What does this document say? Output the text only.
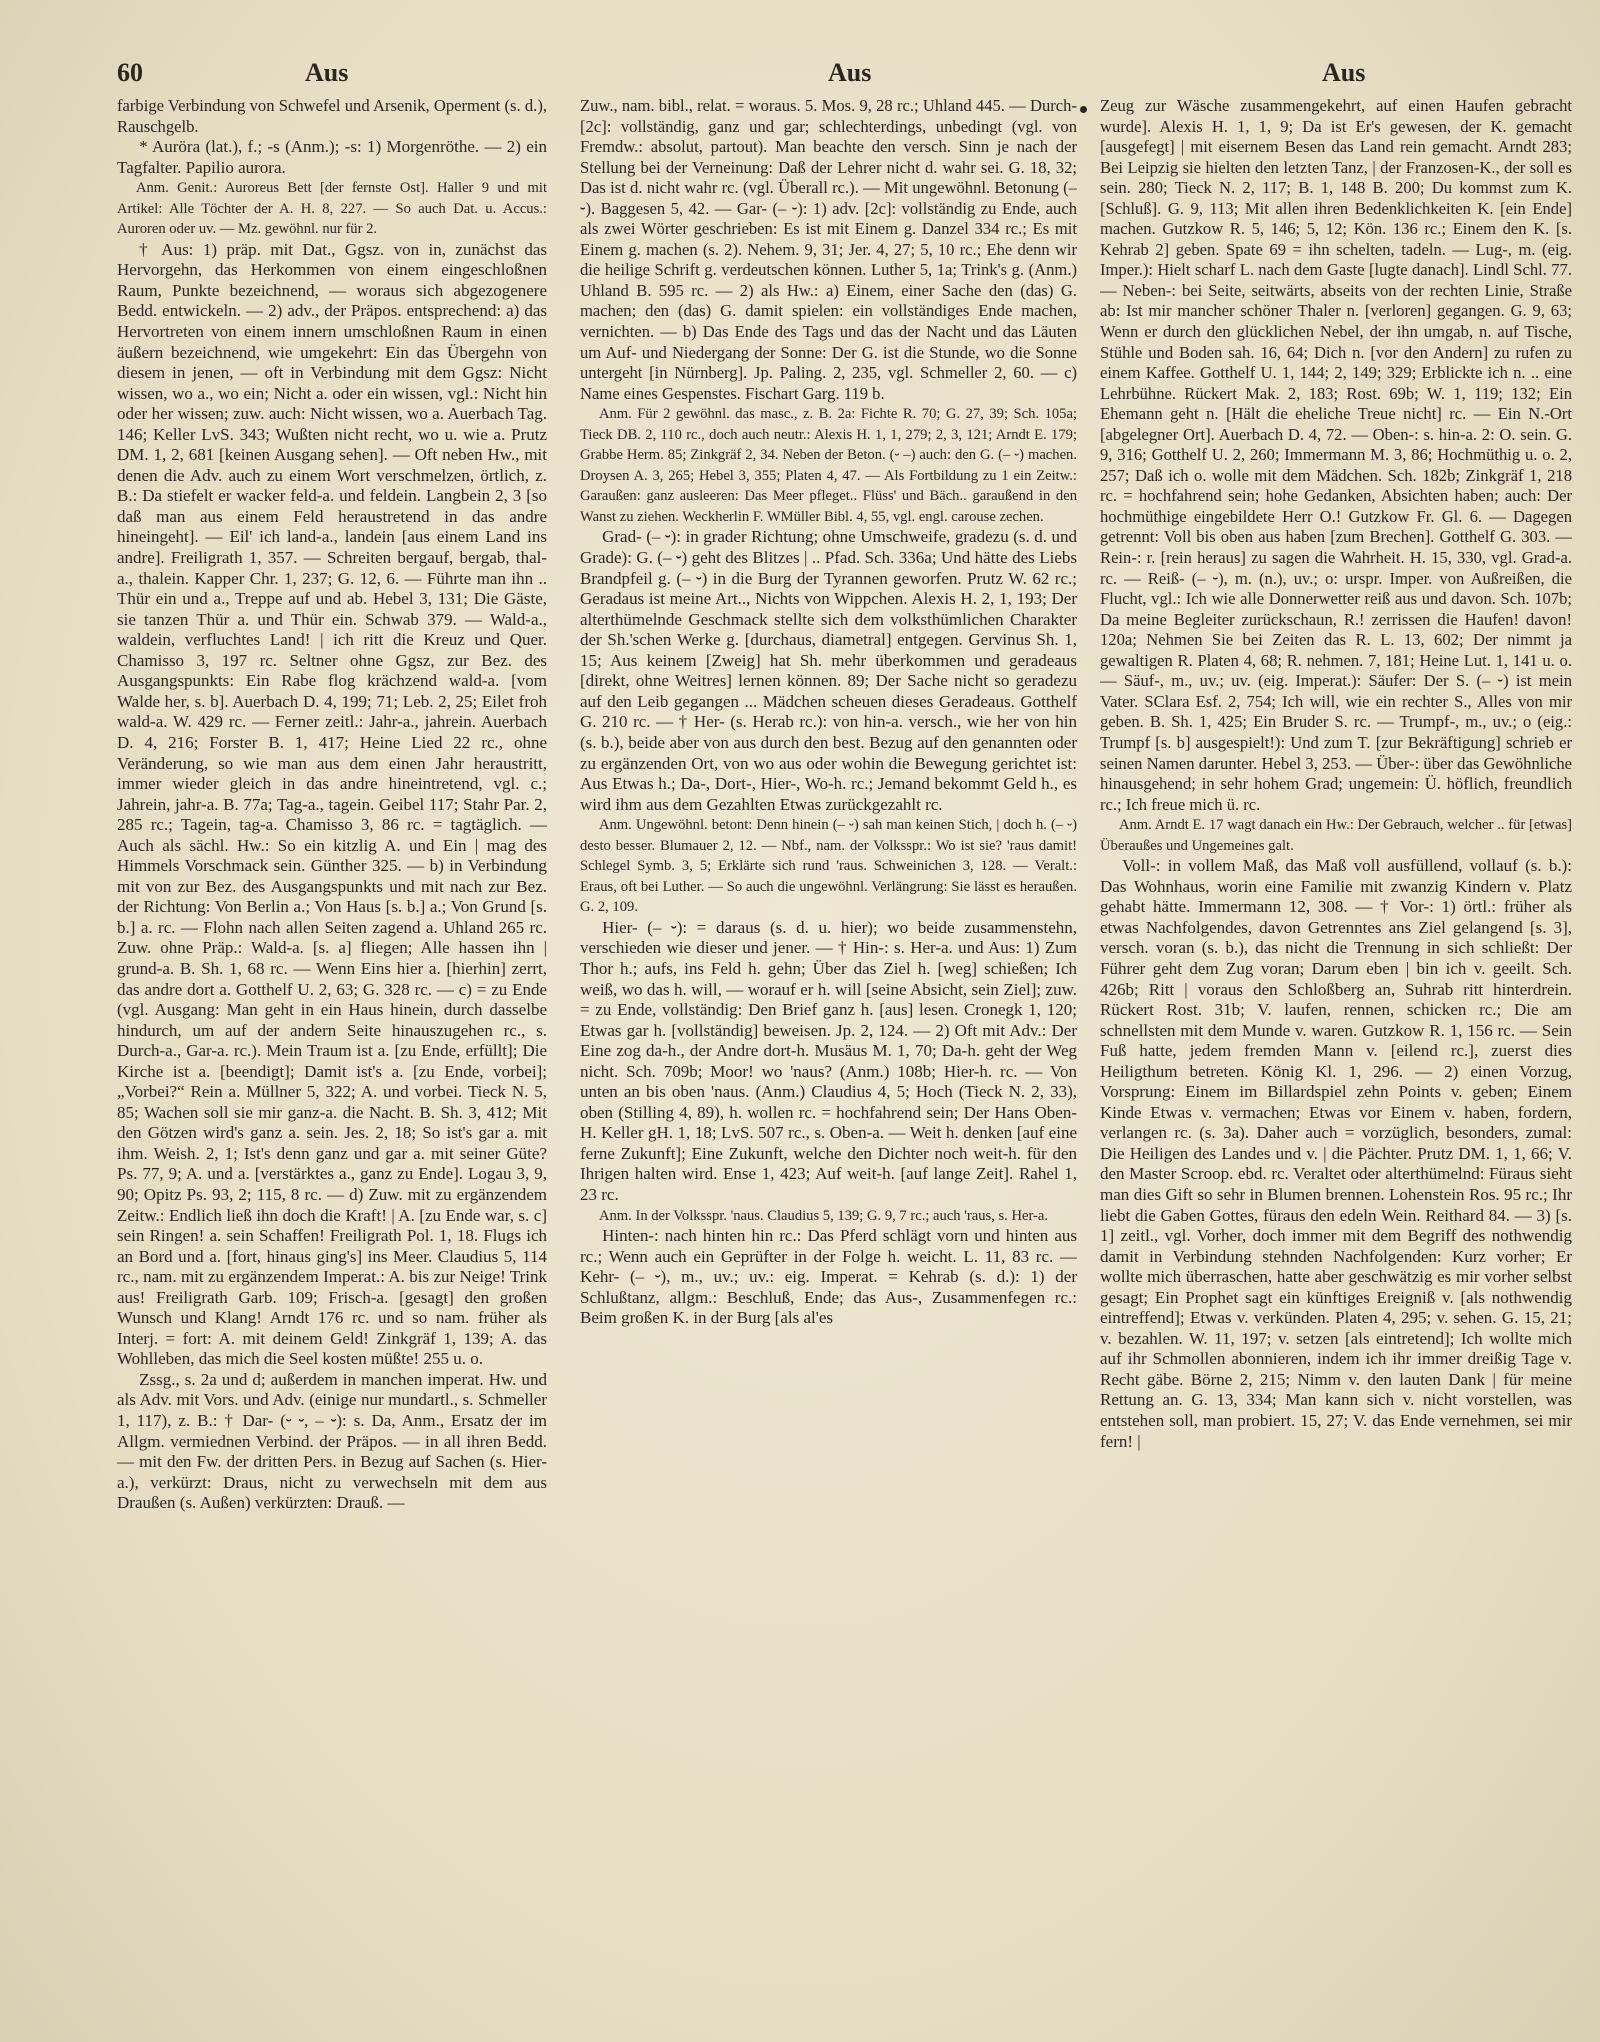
60	Aus	Aus	Aus

farbige Verbindung von Schwefel und Arsenik, Operment (s. d.), Rauschgelb.

* Auröra (lat.), f.; -s (Anm.); -s: 1) Morgenröthe. — 2) ein Tagfalter. Papilio aurora.

Anm. Genit.: Auroreus Bett [der fernste Ost]. Haller 9 und mit Artikel: Alle Töchter der A. H. 8, 227. — So auch Dat. u. Accus.: Auroren oder uv. — Mz. gewöhnl. nur für 2.

† Aus: 1) präp. mit Dat., Ggsz. von in, zunächst das Hervorgehn, das Herkommen von einem eingeschloßnen Raum, Punkte bezeichnend, — woraus sich abgezogenere Bedd. entwickeln. — 2) adv., der Präpos. entsprechend: a) das Hervortreten von einem innern umschloßnen Raum in einen äußern bezeichnend, wie umgekehrt: Ein das Übergehn von diesem in jenen, — oft in Verbindung mit dem Ggsz: Nicht wissen, wo a., wo ein; Nicht a. oder ein wissen, vgl.: Nicht hin oder her wissen; zuw. auch: Nicht wissen, wo a. Auerbach Tag. 146; Keller LvS. 343; Wußten nicht recht, wo u. wie a. Prutz DM. 1, 2, 681 [keinen Ausgang sehen]. — Oft neben Hw., mit denen die Adv. auch zu einem Wort verschmelzen, örtlich, z. B.: Da stiefelt er wacker feld-a. und feldein. Langbein 2, 3 [so daß man aus einem Feld heraustretend in das andre hineingeht]. — Eil' ich land-a., landein [aus einem Land ins andre]. Freiligrath 1, 357. — Schreiten bergauf, bergab, thal-a., thalein. Kapper Chr. 1, 237; G. 12, 6. — Führte man ihn .. Thür ein und a., Treppe auf und ab. Hebel 3, 131; Die Gäste, sie tanzen Thür a. und Thür ein. Schwab 379. — Wald-a., waldein, verfluchtes Land! | ich ritt die Kreuz und Quer. Chamisso 3, 197 rc. Seltner ohne Ggsz, zur Bez. des Ausgangspunkts: Ein Rabe flog krächzend wald-a. [vom Walde her, s. b]. Auerbach D. 4, 199; 71; Leb. 2, 25; Eilet froh wald-a. W. 429 rc. — Ferner zeitl.: Jahr-a., jahrein. Auerbach D. 4, 216; Forster B. 1, 417; Heine Lied 22 rc., ohne Veränderung, so wie man aus dem einen Jahr heraustritt, immer wieder gleich in das andre hineintretend, vgl. c.; Jahrein, jahr-a. B. 77a; Tag-a., tagein. Geibel 117; Stahr Par. 2, 285 rc.; Tagein, tag-a. Chamisso 3, 86 rc. = tagtäglich. — Auch als sächl. Hw.: So ein kitzlig A. und Ein | mag des Himmels Vorschmack sein. Günther 325. — b) in Verbindung mit von zur Bez. des Ausgangspunkts und mit nach zur Bez. der Richtung: Von Berlin a.; Von Haus [s. b.] a.; Von Grund [s. b.] a. rc. — Flohn nach allen Seiten zagend a. Uhland 265 rc. Zuw. ohne Präp.: Wald-a. [s. a] fliegen; Alle hassen ihn | grund-a. B. Sh. 1, 68 rc. — Wenn Eins hier a. [hierhin] zerrt, das andre dort a. Gotthelf U. 2, 63; G. 328 rc. — c) = zu Ende (vgl. Ausgang: Man geht in ein Haus hinein, durch dasselbe hindurch, um auf der andern Seite hinauszugehen rc., s. Durch-a., Gar-a. rc.). Mein Traum ist a. [zu Ende, erfüllt]; Die Kirche ist a. [beendigt]; Damit ist's a. [zu Ende, vorbei]; „Vorbei?“ Rein a. Müllner 5, 322; A. und vorbei. Tieck N. 5, 85; Wachen soll sie mir ganz-a. die Nacht. B. Sh. 3, 412; Mit den Götzen wird's ganz a. sein. Jes. 2, 18; So ist's gar a. mit ihm. Weish. 2, 1; Ist's denn ganz und gar a. mit seiner Güte? Ps. 77, 9; A. und a. [verstärktes a., ganz zu Ende]. Logau 3, 9, 90; Opitz Ps. 93, 2; 115, 8 rc. — d) Zuw. mit zu ergänzendem Zeitw.: Endlich ließ ihn doch die Kraft! | A. [zu Ende war, s. c] sein Ringen! a. sein Schaffen! Freiligrath Pol. 1, 18. Flugs ich an Bord und a. [fort, hinaus ging's] ins Meer. Claudius 5, 114 rc., nam. mit zu ergänzendem Imperat.: A. bis zur Neige! Trink aus! Freiligrath Garb. 109; Frisch-a. [gesagt] den großen Wunsch und Klang! Arndt 176 rc. und so nam. früher als Interj. = fort: A. mit deinem Geld! Zinkgräf 1, 139; A. das Wohlleben, das mich die Seel kosten müßte! 255 u. o.

Zssg., s. 2a und d; außerdem in manchen imperat. Hw. und als Adv. mit Vors. und Adv. (einige nur mundartl., s. Schmeller 1, 117), z. B.: † Dar- (⏑ ⏑, – ⏑): s. Da, Anm., Ersatz der im Allgm. vermiednen Verbind. der Präpos. — in all ihren Bedd. — mit den Fw. der dritten Pers. in Bezug auf Sachen (s. Hier-a.), verkürzt: Draus, nicht zu verwechseln mit dem aus Draußen (s. Außen) verkürzten: Drauß. —

Zuw., nam. bibl., relat. = woraus. 5. Mos. 9, 28 rc.; Uhland 445. — Durch- [2c]: vollständig, ganz und gar; schlechterdings, unbedingt (vgl. von Fremdw.: absolut, partout). Man beachte den versch. Sinn je nach der Stellung bei der Verneinung: Daß der Lehrer nicht d. wahr sei. G. 18, 32; Das ist d. nicht wahr rc. (vgl. Überall rc.). — Mit ungewöhnl. Betonung (– ⏑). Baggesen 5, 42. — Gar- (– ⏑): 1) adv. [2c]: vollständig zu Ende, auch als zwei Wörter geschrieben: Es ist mit Einem g. Danzel 334 rc.; Es mit Einem g. machen (s. 2). Nehem. 9, 31; Jer. 4, 27; 5, 10 rc.; Ehe denn wir die heilige Schrift g. verdeutschen können. Luther 5, 1a; Trink's g. (Anm.) Uhland B. 595 rc. — 2) als Hw.: a) Einem, einer Sache den (das) G. machen; den (das) G. damit spielen: ein vollständiges Ende machen, vernichten. — b) Das Ende des Tags und das der Nacht und das Läuten um Auf- und Niedergang der Sonne: Der G. ist die Stunde, wo die Sonne untergeht [in Nürnberg]. Jp. Paling. 2, 235, vgl. Schmeller 2, 60. — c) Name eines Gespenstes. Fischart Garg. 119 b.

Anm. Für 2 gewöhnl. das masc., z. B. 2a: Fichte R. 70; G. 27, 39; Sch. 105a; Tieck DB. 2, 110 rc., doch auch neutr.: Alexis H. 1, 1, 279; 2, 3, 121; Arndt E. 179; Grabbe Herm. 85; Zinkgräf 2, 34. Neben der Beton. (⏑ –) auch: den G. (– ⏑) machen. Droysen A. 3, 265; Hebel 3, 355; Platen 4, 47. — Als Fortbildung zu 1 ein Zeitw.: Garaußen: ganz ausleeren: Das Meer pfleget.. Flüss' und Bäch.. garaußend in den Wanst zu ziehen. Weckherlin F. WMüller Bibl. 4, 55, vgl. engl. carouse zechen.

Grad- (– ⏑): in grader Richtung; ohne Umschweife, gradezu (s. d. und Grade): G. (– ⏑) geht des Blitzes | .. Pfad. Sch. 336a; Und hätte des Liebs Brandpfeil g. (– ⏑) in die Burg der Tyrannen geworfen. Prutz W. 62 rc.; Geradaus ist meine Art.., Nichts von Wippchen. Alexis H. 2, 1, 193; Der alterthümelnde Geschmack stellte sich dem volksthümlichen Charakter der Sh.'schen Werke g. [durchaus, diametral] entgegen. Gervinus Sh. 1, 15; Aus keinem [Zweig] hat Sh. mehr überkommen und geradeaus [direkt, ohne Weitres] lernen können. 89; Der Sache nicht so geradezu auf den Leib gegangen ... Mädchen scheuen dieses Geradeaus. Gotthelf G. 210 rc. — † Her- (s. Herab rc.): von hin-a. versch., wie her von hin (s. b.), beide aber von aus durch den best. Bezug auf den genannten oder zu ergänzenden Ort, von wo aus oder wohin die Bewegung gerichtet ist: Aus Etwas h.; Da-, Dort-, Hier-, Wo-h. rc.; Jemand bekommt Geld h., es wird ihm aus dem Gezahlten Etwas zurückgezahlt rc.

Anm. Ungewöhnl. betont: Denn hinein (– ⏑) sah man keinen Stich, | doch h. (– ⏑) desto besser. Blumauer 2, 12. — Nbf., nam. der Volksspr.: Wo ist sie? 'raus damit! Schlegel Symb. 3, 5; Erklärte sich rund 'raus. Schweinichen 3, 128. — Veralt.: Eraus, oft bei Luther. — So auch die ungewöhnl. Verlängrung: Sie lässt es heraußen. G. 2, 109.

Hier- (– ⏑): = daraus (s. d. u. hier); wo beide zusammenstehn, verschieden wie dieser und jener. — † Hin-: s. Her-a. und Aus: 1) Zum Thor h.; aufs, ins Feld h. gehn; Über das Ziel h. [weg] schießen; Ich weiß, wo das h. will, — worauf er h. will [seine Absicht, sein Ziel]; zuw. = zu Ende, vollständig: Den Brief ganz h. [aus] lesen. Cronegk 1, 120; Etwas gar h. [vollständig] beweisen. Jp. 2, 124. — 2) Oft mit Adv.: Der Eine zog da-h., der Andre dort-h. Musäus M. 1, 70; Da-h. geht der Weg nicht. Sch. 709b; Moor! wo 'naus? (Anm.) 108b; Hier-h. rc. — Von unten an bis oben 'naus. (Anm.) Claudius 4, 5; Hoch (Tieck N. 2, 33), oben (Stilling 4, 89), h. wollen rc. = hochfahrend sein; Der Hans Oben-H. Keller gH. 1, 18; LvS. 507 rc., s. Oben-a. — Weit h. denken [auf eine ferne Zukunft]; Eine Zukunft, welche den Dichter noch weit-h. für den Ihrigen halten wird. Ense 1, 423; Auf weit-h. [auf lange Zeit]. Rahel 1, 23 rc.

Anm. In der Volksspr. 'naus. Claudius 5, 139; G. 9, 7 rc.; auch 'raus, s. Her-a.

Hinten-: nach hinten hin rc.: Das Pferd schlägt vorn und hinten aus rc.; Wenn auch ein Geprüfter in der Folge h. weicht. L. 11, 83 rc. — Kehr- (– ⏑), m., uv.; uv.: eig. Imperat. = Kehrab (s. d.): 1) der Schlußtanz, allgm.: Beschluß, Ende; das Aus-, Zusammenfegen rc.: Beim großen K. in der Burg [als al'es

Zeug zur Wäsche zusammengekehrt, auf einen Haufen gebracht wurde]. Alexis H. 1, 1, 9; Da ist Er's gewesen, der K. gemacht [ausgefegt] | mit eisernem Besen das Land rein gemacht. Arndt 283; Bei Leipzig sie hielten den letzten Tanz, | der Franzosen-K., der soll es sein. 280; Tieck N. 2, 117; B. 1, 148 B. 200; Du kommst zum K. [Schluß]. G. 9, 113; Mit allen ihren Bedenklichkeiten K. [ein Ende] machen. Gutzkow R. 5, 146; 5, 12; Kön. 136 rc.; Einem den K. [s. Kehrab 2] geben. Spate 69 = ihn schelten, tadeln. — Lug-, m. (eig. Imper.): Hielt scharf L. nach dem Gaste [lugte danach]. Lindl Schl. 77. — Neben-: bei Seite, seitwärts, abseits von der rechten Linie, Straße ab: Ist mir mancher schöner Thaler n. [verloren] gegangen. G. 9, 63; Wenn er durch den glücklichen Nebel, der ihn umgab, n. auf Tische, Stühle und Boden sah. 16, 64; Dich n. [vor den Andern] zu rufen zu einem Kaffee. Gotthelf U. 1, 144; 2, 149; 329; Erblickte ich n. .. eine Lehrbühne. Rückert Mak. 2, 183; Rost. 69b; W. 1, 119; 132; Ein Ehemann geht n. [Hält die eheliche Treue nicht] rc. — Ein N.-Ort [abgelegner Ort]. Auerbach D. 4, 72. — Oben-: s. hin-a. 2: O. sein. G. 9, 316; Gotthelf U. 2, 260; Immermann M. 3, 86; Hochmüthig u. o. 2, 257; Daß ich o. wolle mit dem Mädchen. Sch. 182b; Zinkgräf 1, 218 rc. = hochfahrend sein; hohe Gedanken, Absichten haben; auch: Der hochmüthige eingebildete Herr O.! Gutzkow Fr. Gl. 6. — Dagegen getrennt: Voll bis oben aus haben [zum Brechen]. Gotthelf G. 303. — Rein-: r. [rein heraus] zu sagen die Wahrheit. H. 15, 330, vgl. Grad-a. rc. — Reiß- (– ⏑), m. (n.), uv.; o: urspr. Imper. von Außreißen, die Flucht, vgl.: Ich wie alle Donnerwetter reiß aus und davon. Sch. 107b; Da meine Begleiter zurückschaun, R.! zerrissen die Haufen! davon! 120a; Nehmen Sie bei Zeiten das R. L. 13, 602; Der nimmt ja gewaltigen R. Platen 4, 68; R. nehmen. 7, 181; Heine Lut. 1, 141 u. o. — Säuf-, m., uv.; uv. (eig. Imperat.): Säufer: Der S. (– ⏑) ist mein Vater. SClara Esf. 2, 754; Ich will, wie ein rechter S., Alles von mir geben. B. Sh. 1, 425; Ein Bruder S. rc. — Trumpf-, m., uv.; o (eig.: Trumpf [s. b] ausgespielt!): Und zum T. [zur Bekräftigung] schrieb er seinen Namen darunter. Hebel 3, 253. — Über-: über das Gewöhnliche hinausgehend; in sehr hohem Grad; ungemein: Ü. höflich, freundlich rc.; Ich freue mich ü. rc.

Anm. Arndt E. 17 wagt danach ein Hw.: Der Gebrauch, welcher .. für [etwas] Überaußes und Ungemeines galt.

Voll-: in vollem Maß, das Maß voll ausfüllend, vollauf (s. b.): Das Wohnhaus, worin eine Familie mit zwanzig Kindern v. Platz gehabt hätte. Immermann 12, 308. — † Vor-: 1) örtl.: früher als etwas Nachfolgendes, davon Getrenntes ans Ziel gelangend [s. 3], versch. voran (s. b.), das nicht die Trennung in sich schließt: Der Führer geht dem Zug voran; Darum eben | bin ich v. geeilt. Sch. 426b; Ritt | voraus den Schloßberg an, Suhrab ritt hinterdrein. Rückert Rost. 31b; V. laufen, rennen, schicken rc.; Die am schnellsten mit dem Munde v. waren. Gutzkow R. 1, 156 rc. — Sein Fuß hatte, jedem fremden Mann v. [eilend rc.], zuerst dies Heiligthum betreten. König Kl. 1, 296. — 2) einen Vorzug, Vorsprung: Einem im Billardspiel zehn Points v. geben; Einem Kinde Etwas v. vermachen; Etwas vor Einem v. haben, fordern, verlangen rc. (s. 3a). Daher auch = vorzüglich, besonders, zumal: Die Heiligen des Landes und v. | die Pächter. Prutz DM. 1, 1, 66; V. den Master Scroop. ebd. rc. Veraltet oder alterthümelnd: Füraus sieht man dies Gift so sehr in Blumen brennen. Lohenstein Ros. 95 rc.; Ihr liebt die Gaben Gottes, füraus den edeln Wein. Reithard 84. — 3) [s. 1] zeitl., vgl. Vorher, doch immer mit dem Begriff des nothwendig damit in Verbindung stehnden Nachfolgenden: Kurz vorher; Er wollte mich überraschen, hatte aber geschwätzig es mir vorher selbst gesagt; Ein Prophet sagt ein künftiges Ereigniß v. [als nothwendig eintreffend]; Etwas v. verkünden. Platen 4, 295; v. sehen. G. 15, 21; v. bezahlen. W. 11, 197; v. setzen [als eintretend]; Ich wollte mich auf ihr Schmollen abonnieren, indem ich ihr immer dreißig Tage v. Recht gäbe. Börne 2, 215; Nimm v. den lauten Dank | für meine Rettung an. G. 13, 334; Man kann sich v. nicht vorstellen, was entstehen soll, man probiert. 15, 27; V. das Ende vernehmen, sei mir fern! |
